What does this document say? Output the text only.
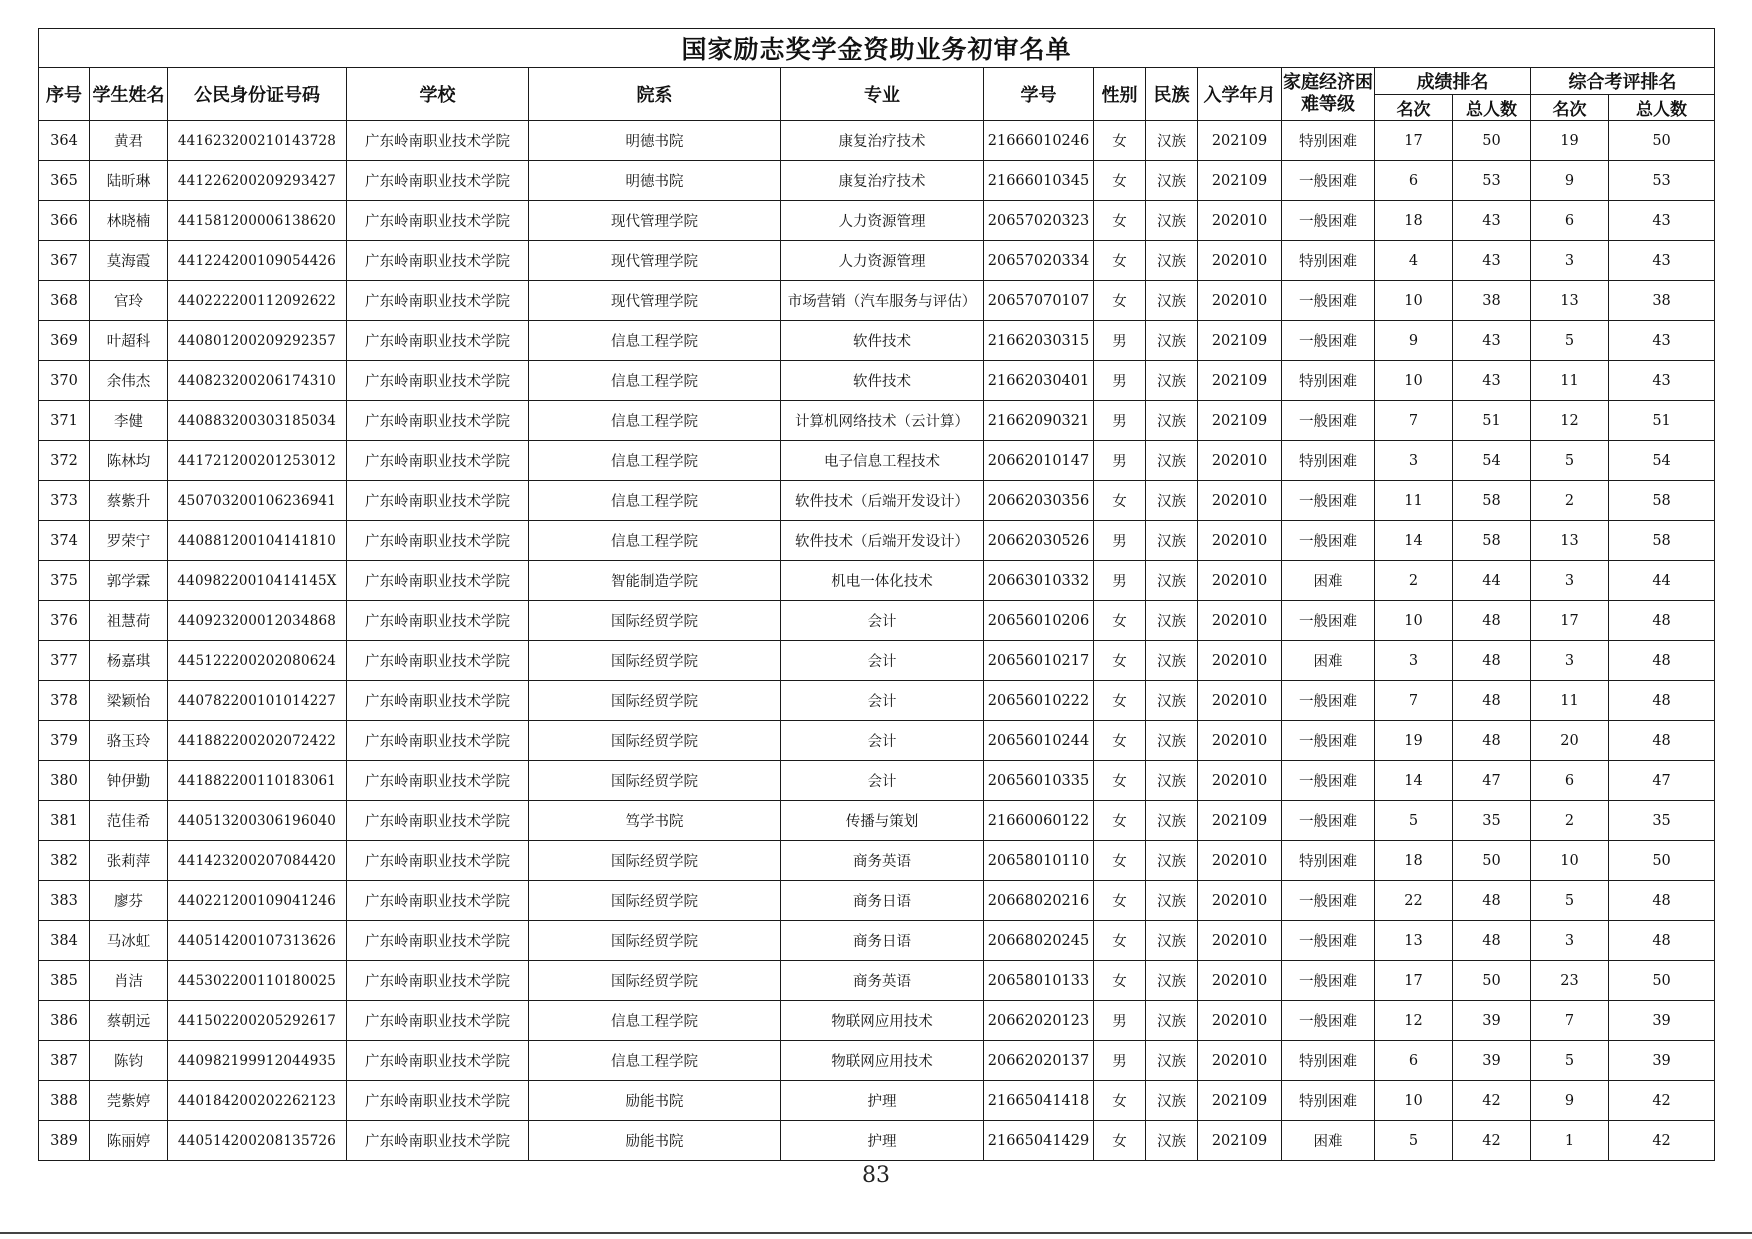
国家励志奖学金资助业务初审名单														
序号	学生姓名	公民身份证号码	学校	院系	专业	学号	性别	民族	入学年月	家庭经济困难等级	成绩排名		综合考评排名	
											名次	总人数	名次	总人数
364	黄君	441623200210143728	广东岭南职业技术学院	明德书院	康复治疗技术	21666010246	女	汉族	202109	特别困难	17	50	19	50
365	陆昕琳	441226200209293427	广东岭南职业技术学院	明德书院	康复治疗技术	21666010345	女	汉族	202109	一般困难	6	53	9	53
366	林晓楠	441581200006138620	广东岭南职业技术学院	现代管理学院	人力资源管理	20657020323	女	汉族	202010	一般困难	18	43	6	43
367	莫海霞	441224200109054426	广东岭南职业技术学院	现代管理学院	人力资源管理	20657020334	女	汉族	202010	特别困难	4	43	3	43
368	官玲	440222200112092622	广东岭南职业技术学院	现代管理学院	市场营销（汽车服务与评估）	20657070107	女	汉族	202010	一般困难	10	38	13	38
369	叶超科	440801200209292357	广东岭南职业技术学院	信息工程学院	软件技术	21662030315	男	汉族	202109	一般困难	9	43	5	43
370	余伟杰	440823200206174310	广东岭南职业技术学院	信息工程学院	软件技术	21662030401	男	汉族	202109	特别困难	10	43	11	43
371	李健	440883200303185034	广东岭南职业技术学院	信息工程学院	计算机网络技术（云计算）	21662090321	男	汉族	202109	一般困难	7	51	12	51
372	陈林均	441721200201253012	广东岭南职业技术学院	信息工程学院	电子信息工程技术	20662010147	男	汉族	202010	特别困难	3	54	5	54
373	蔡紫升	450703200106236941	广东岭南职业技术学院	信息工程学院	软件技术（后端开发设计）	20662030356	女	汉族	202010	一般困难	11	58	2	58
374	罗荣宁	440881200104141810	广东岭南职业技术学院	信息工程学院	软件技术（后端开发设计）	20662030526	男	汉族	202010	一般困难	14	58	13	58
375	郭学霖	44098220010414145X	广东岭南职业技术学院	智能制造学院	机电一体化技术	20663010332	男	汉族	202010	困难	2	44	3	44
376	祖慧荷	440923200012034868	广东岭南职业技术学院	国际经贸学院	会计	20656010206	女	汉族	202010	一般困难	10	48	17	48
377	杨嘉琪	445122200202080624	广东岭南职业技术学院	国际经贸学院	会计	20656010217	女	汉族	202010	困难	3	48	3	48
378	梁颖怡	440782200101014227	广东岭南职业技术学院	国际经贸学院	会计	20656010222	女	汉族	202010	一般困难	7	48	11	48
379	骆玉玲	441882200202072422	广东岭南职业技术学院	国际经贸学院	会计	20656010244	女	汉族	202010	一般困难	19	48	20	48
380	钟伊勤	441882200110183061	广东岭南职业技术学院	国际经贸学院	会计	20656010335	女	汉族	202010	一般困难	14	47	6	47
381	范佳希	440513200306196040	广东岭南职业技术学院	笃学书院	传播与策划	21660060122	女	汉族	202109	一般困难	5	35	2	35
382	张莉萍	441423200207084420	广东岭南职业技术学院	国际经贸学院	商务英语	20658010110	女	汉族	202010	特别困难	18	50	10	50
383	廖芬	440221200109041246	广东岭南职业技术学院	国际经贸学院	商务日语	20668020216	女	汉族	202010	一般困难	22	48	5	48
384	马冰虹	440514200107313626	广东岭南职业技术学院	国际经贸学院	商务日语	20668020245	女	汉族	202010	一般困难	13	48	3	48
385	肖洁	445302200110180025	广东岭南职业技术学院	国际经贸学院	商务英语	20658010133	女	汉族	202010	一般困难	17	50	23	50
386	蔡朝远	441502200205292617	广东岭南职业技术学院	信息工程学院	物联网应用技术	20662020123	男	汉族	202010	一般困难	12	39	7	39
387	陈钧	440982199912044935	广东岭南职业技术学院	信息工程学院	物联网应用技术	20662020137	男	汉族	202010	特别困难	6	39	5	39
388	莞紫婷	440184200202262123	广东岭南职业技术学院	励能书院	护理	21665041418	女	汉族	202109	特别困难	10	42	9	42
389	陈丽婷	440514200208135726	广东岭南职业技术学院	励能书院	护理	21665041429	女	汉族	202109	困难	5	42	1	42
83
